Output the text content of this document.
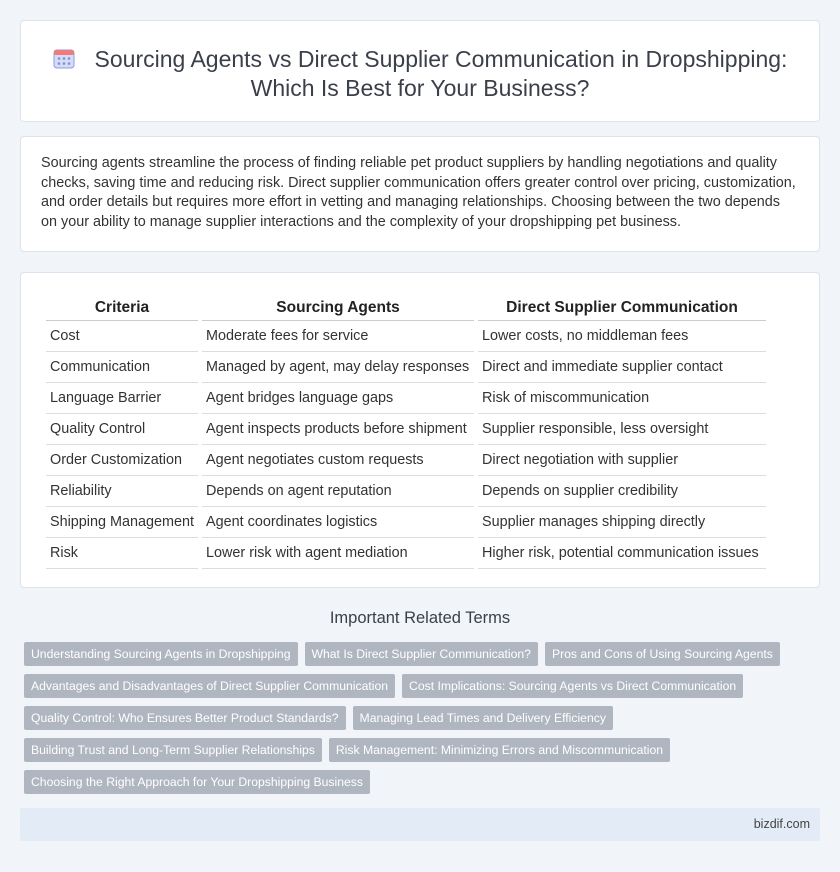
Sourcing Agents vs Direct Supplier Communication in Dropshipping: Which Is Best for Your Business?

Sourcing agents streamline the process of finding reliable pet product suppliers by handling negotiations and quality checks, saving time and reducing risk. Direct supplier communication offers greater control over pricing, customization, and order details but requires more effort in vetting and managing relationships. Choosing between the two depends on your ability to manage supplier interactions and the complexity of your dropshipping pet business.

Criteria	Sourcing Agents	Direct Supplier Communication
Cost	Moderate fees for service	Lower costs, no middleman fees
Communication	Managed by agent, may delay responses	Direct and immediate supplier contact
Language Barrier	Agent bridges language gaps	Risk of miscommunication
Quality Control	Agent inspects products before shipment	Supplier responsible, less oversight
Order Customization	Agent negotiates custom requests	Direct negotiation with supplier
Reliability	Depends on agent reputation	Depends on supplier credibility
Shipping Management	Agent coordinates logistics	Supplier manages shipping directly
Risk	Lower risk with agent mediation	Higher risk, potential communication issues
Important Related Terms
Understanding Sourcing Agents in Dropshipping What Is Direct Supplier Communication? Pros and Cons of Using Sourcing Agents
Advantages and Disadvantages of Direct Supplier Communication Cost Implications: Sourcing Agents vs Direct Communication
Quality Control: Who Ensures Better Product Standards? Managing Lead Times and Delivery Efficiency
Building Trust and Long-Term Supplier Relationships Risk Management: Minimizing Errors and Miscommunication
Choosing the Right Approach for Your Dropshipping Business
bizdif.com
